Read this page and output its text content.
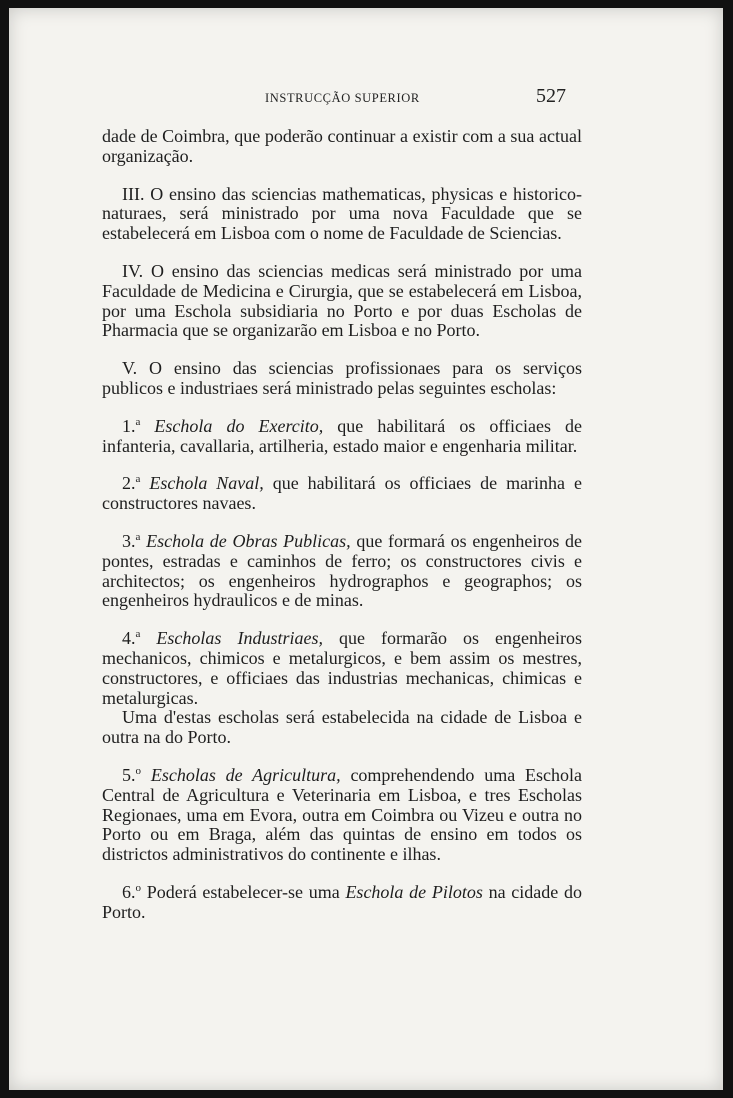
INSTRUCÇÃO SUPERIOR	527

dade de Coimbra, que poderão continuar a existir com a sua actual organização.

III. O ensino das sciencias mathematicas, physicas e historico-naturaes, será ministrado por uma nova Faculdade que se estabelecerá em Lisboa com o nome de Faculdade de Sciencias.

IV. O ensino das sciencias medicas será ministrado por uma Faculdade de Medicina e Cirurgia, que se estabelecerá em Lisboa, por uma Eschola subsidiaria no Porto e por duas Escholas de Pharmacia que se organizarão em Lisboa e no Porto.

V. O ensino das sciencias profissionaes para os serviços publicos e industriaes será ministrado pelas seguintes escholas:

1.$^a$ Eschola do Exercito, que habilitará os officiaes de infanteria, cavallaria, artilheria, estado maior e engenharia militar.

2.$^a$ Eschola Naval, que habilitará os officiaes de marinha e constructores navaes.

3.$^a$ Eschola de Obras Publicas, que formará os engenheiros de pontes, estradas e caminhos de ferro; os constructores civis e architectos; os engenheiros hydrographos e geographos; os engenheiros hydraulicos e de minas.

4.$^a$ Escholas Industriaes, que formarão os engenheiros mechanicos, chimicos e metalurgicos, e bem assim os mestres, constructores, e officiaes das industrias mechanicas, chimicas e metalurgicas.

Uma d'estas escholas será estabelecida na cidade de Lisboa e outra na do Porto.

5.$^o$ Escholas de Agricultura, comprehendendo uma Eschola Central de Agricultura e Veterinaria em Lisboa, e tres Escholas Regionaes, uma em Evora, outra em Coimbra ou Vizeu e outra no Porto ou em Braga, além das quintas de ensino em todos os districtos administrativos do continente e ilhas.

6.$^o$ Poderá estabelecer-se uma Eschola de Pilotos na cidade do Porto.
